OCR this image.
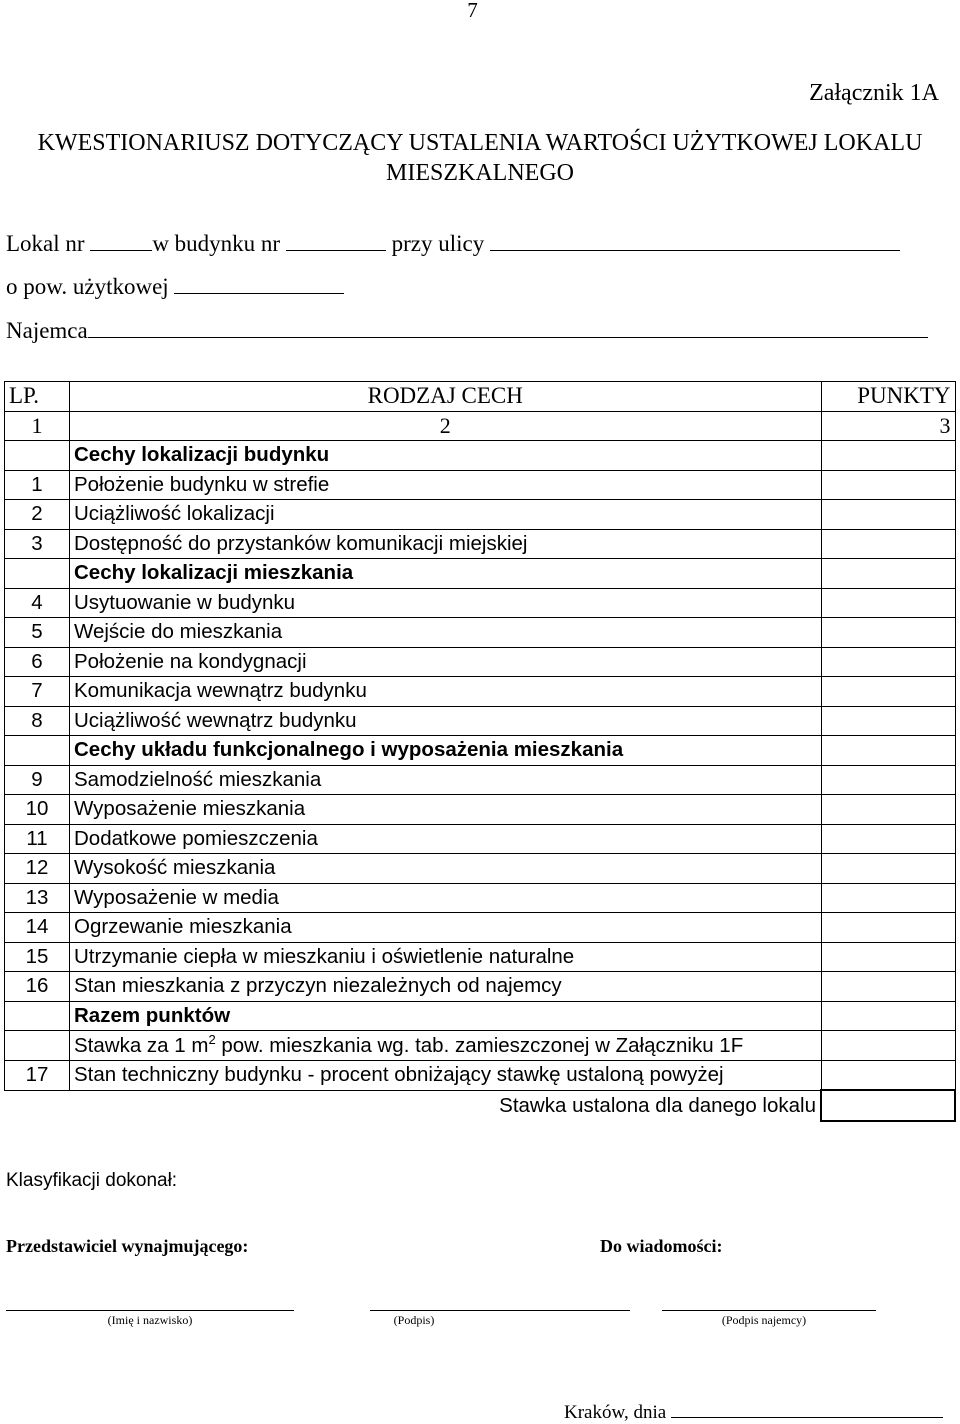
7
Załącznik 1A
KWESTIONARIUSZ DOTYCZĄCY USTALENIA WARTOŚCI UŻYTKOWEJ LOKALU
MIESZKALNEGO
Lokal nr	w budynku nr	przy ulicy
o pow. użytkowej
Najemca
LP.	RODZAJ CECH	PUNKTY
1	2	3
	Cechy lokalizacji budynku	
1	Położenie budynku w strefie	
2	Uciążliwość lokalizacji	
3	Dostępność do przystanków komunikacji miejskiej	
	Cechy lokalizacji mieszkania	
4	Usytuowanie w budynku	
5	Wejście do mieszkania	
6	Położenie na kondygnacji	
7	Komunikacja wewnątrz budynku	
8	Uciążliwość wewnątrz budynku	
	Cechy układu funkcjonalnego i wyposażenia mieszkania	
9	Samodzielność mieszkania	
10	Wyposażenie mieszkania	
11	Dodatkowe pomieszczenia	
12	Wysokość mieszkania	
13	Wyposażenie w media	
14	Ogrzewanie mieszkania	
15	Utrzymanie ciepła w mieszkaniu i oświetlenie naturalne	
16	Stan mieszkania z przyczyn niezależnych od najemcy	
	Razem punktów	
	Stawka za 1 $m^2$ pow. mieszkania wg. tab. zamieszczonej w Załączniku 1F	
17	Stan techniczny budynku - procent obniżający stawkę ustaloną powyżej	
	Stawka ustalona dla danego lokalu	
Klasyfikacji dokonał:
Przedstawiciel wynajmującego:	Do wiadomości:
(Imię i nazwisko)	(Podpis)	(Podpis najemcy)
Kraków, dnia
